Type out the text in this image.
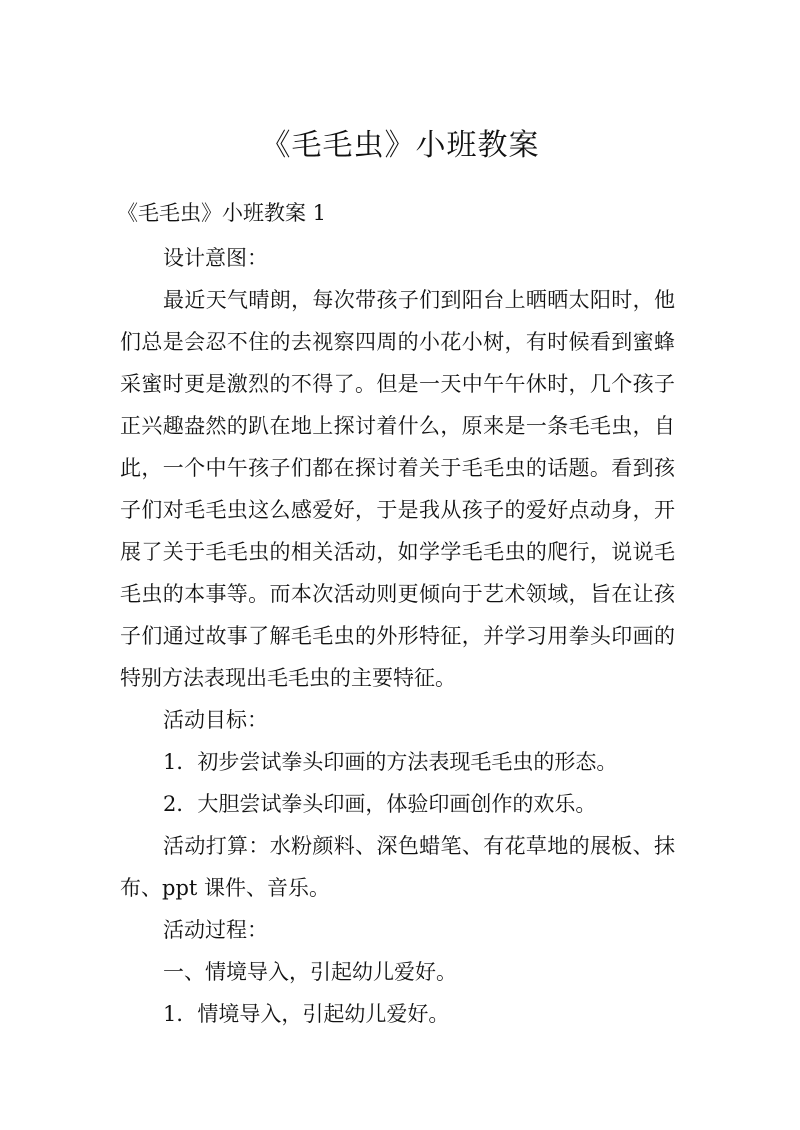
《毛毛虫》小班教案
《毛毛虫》小班教案 1
设计意图：
最近天气晴朗，每次带孩子们到阳台上晒晒太阳时，他
们总是会忍不住的去视察四周的小花小树，有时候看到蜜蜂
采蜜时更是激烈的不得了。但是一天中午午休时，几个孩子
正兴趣盎然的趴在地上探讨着什么，原来是一条毛毛虫，自
此，一个中午孩子们都在探讨着关于毛毛虫的话题。看到孩
子们对毛毛虫这么感爱好，于是我从孩子的爱好点动身，开
展了关于毛毛虫的相关活动，如学学毛毛虫的爬行，说说毛
毛虫的本事等。而本次活动则更倾向于艺术领域，旨在让孩
子们通过故事了解毛毛虫的外形特征，并学习用拳头印画的
特别方法表现出毛毛虫的主要特征。
活动目标：
1．初步尝试拳头印画的方法表现毛毛虫的形态。
2．大胆尝试拳头印画，体验印画创作的欢乐。
活动打算：水粉颜料、深色蜡笔、有花草地的展板、抹
布、ppt 课件、音乐。
活动过程：
一、情境导入，引起幼儿爱好。
1．情境导入，引起幼儿爱好。
